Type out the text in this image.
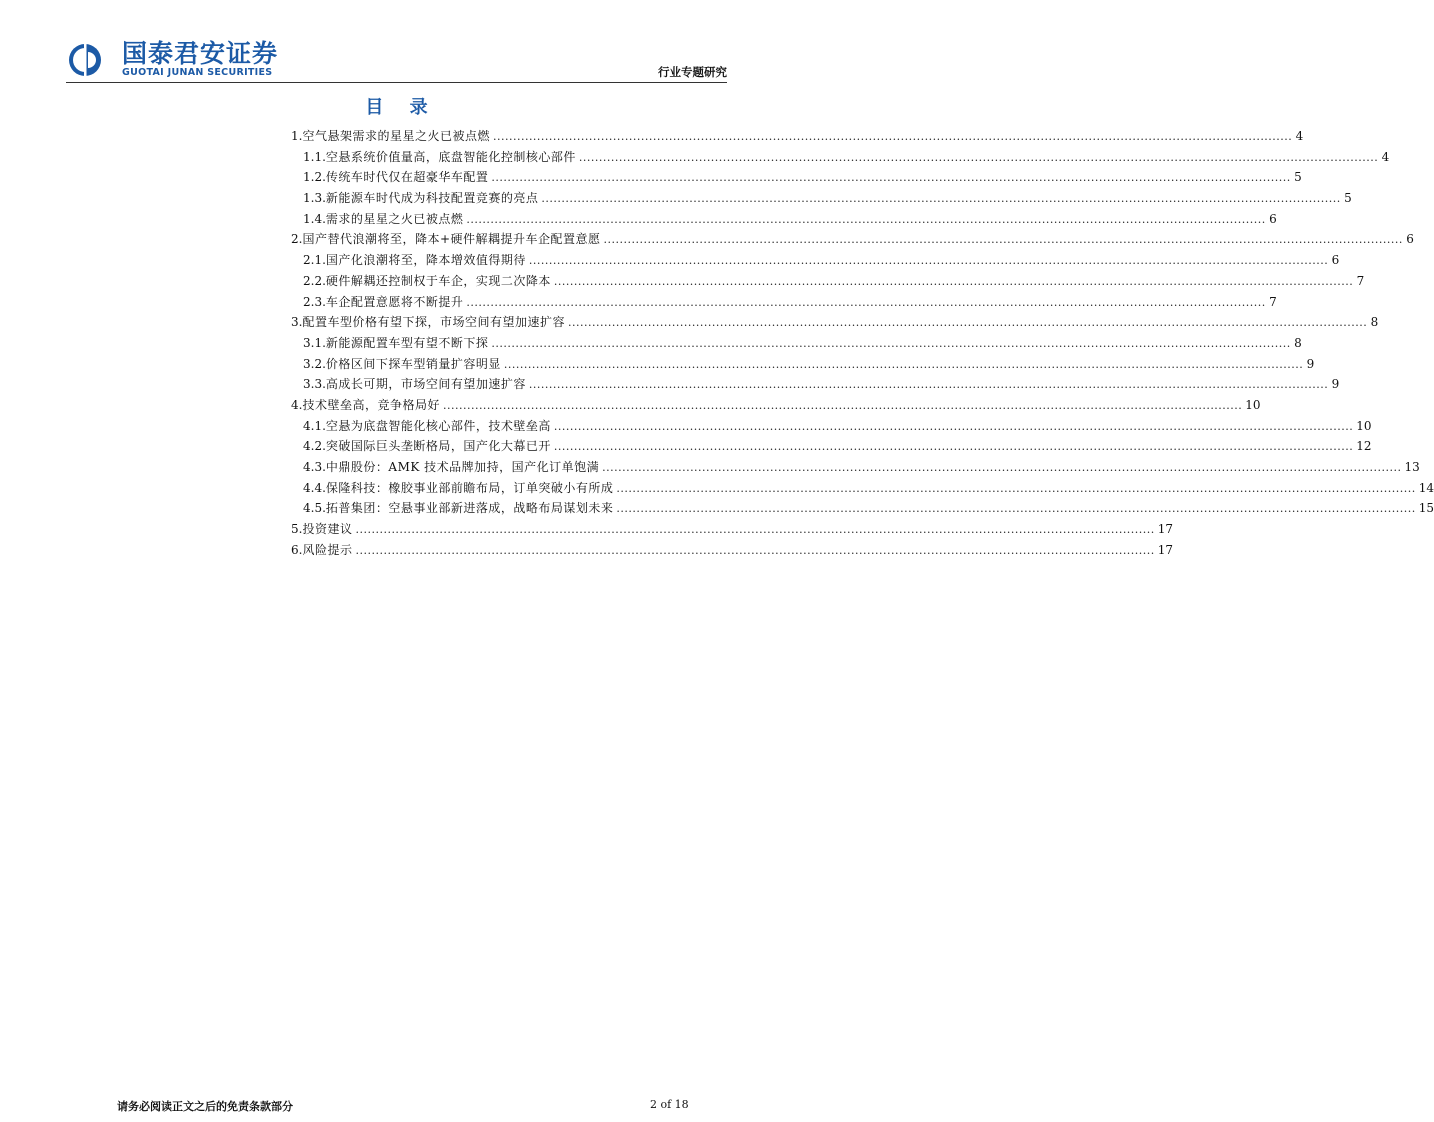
国泰君安证券
GUOTAI JUNAN SECURITIES	行业专题研究
目 录
1. 空气悬架需求的星星之火已被点燃 ........................................................................................................................................................................................................ 4
1.1. 空悬系统价值量高，底盘智能化控制核心部件 ........................................................................................................................................................................................................ 4
1.2. 传统车时代仅在超豪华车配置 ........................................................................................................................................................................................................ 5
1.3. 新能源车时代成为科技配置竞赛的亮点 ........................................................................................................................................................................................................ 5
1.4. 需求的星星之火已被点燃 ........................................................................................................................................................................................................ 6
2. 国产替代浪潮将至，降本+硬件解耦提升车企配置意愿 ........................................................................................................................................................................................................ 6
2.1. 国产化浪潮将至，降本增效值得期待 ........................................................................................................................................................................................................ 6
2.2. 硬件解耦还控制权于车企，实现二次降本 ........................................................................................................................................................................................................ 7
2.3. 车企配置意愿将不断提升 ........................................................................................................................................................................................................ 7
3. 配置车型价格有望下探，市场空间有望加速扩容 ........................................................................................................................................................................................................ 8
3.1. 新能源配置车型有望不断下探 ........................................................................................................................................................................................................ 8
3.2. 价格区间下探车型销量扩容明显 ........................................................................................................................................................................................................ 9
3.3. 高成长可期，市场空间有望加速扩容 ........................................................................................................................................................................................................ 9
4. 技术壁垒高，竞争格局好 ........................................................................................................................................................................................................ 10
4.1. 空悬为底盘智能化核心部件，技术壁垒高 ........................................................................................................................................................................................................ 10
4.2. 突破国际巨头垄断格局，国产化大幕已开 ........................................................................................................................................................................................................ 12
4.3. 中鼎股份：AMK 技术品牌加持，国产化订单饱满 ........................................................................................................................................................................................................ 13
4.4. 保隆科技：橡胶事业部前瞻布局，订单突破小有所成 ........................................................................................................................................................................................................ 14
4.5. 拓普集团：空悬事业部新进落成，战略布局谋划未来 ........................................................................................................................................................................................................ 15
5. 投资建议 ........................................................................................................................................................................................................ 17
6. 风险提示 ........................................................................................................................................................................................................ 17
请务必阅读正文之后的免责条款部分	2 of 18
